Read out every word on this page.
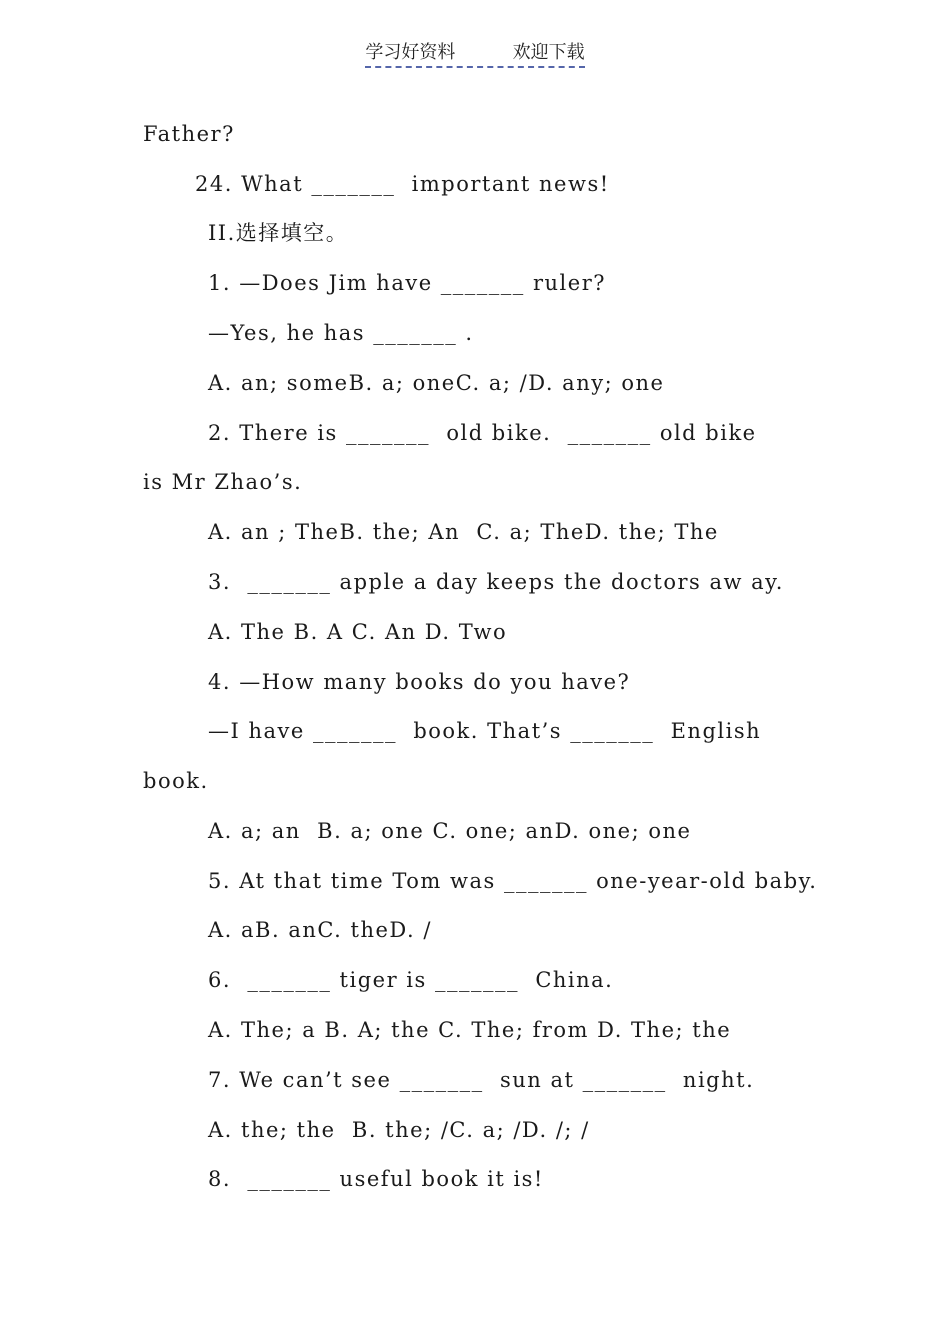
学习好资料	欢迎下载
Father?
24. What _______  important news!
II.选择填空。
1. —Does Jim have _______ ruler?
—Yes, he has _______ .
A. an; someB. a; oneC. a; /D. any; one
2. There is _______  old bike.  _______ old bike
is Mr Zhao’s.
A. an ; TheB. the; An  C. a; TheD. the; The
3.  _______ apple a day keeps the doctors aw ay.
A. The B. A C. An D. Two
4. —How many books do you have?
—I have _______  book. That’s _______  English
book.
A. a; an  B. a; one C. one; anD. one; one
5. At that time Tom was _______ one-year-old baby.
A. aB. anC. theD. /
6.  _______ tiger is _______  China.
A. The; a B. A; the C. The; from D. The; the
7. We can’t see _______  sun at _______  night.
A. the; the  B. the; /C. a; /D. /; /
8.  _______ useful book it is!
